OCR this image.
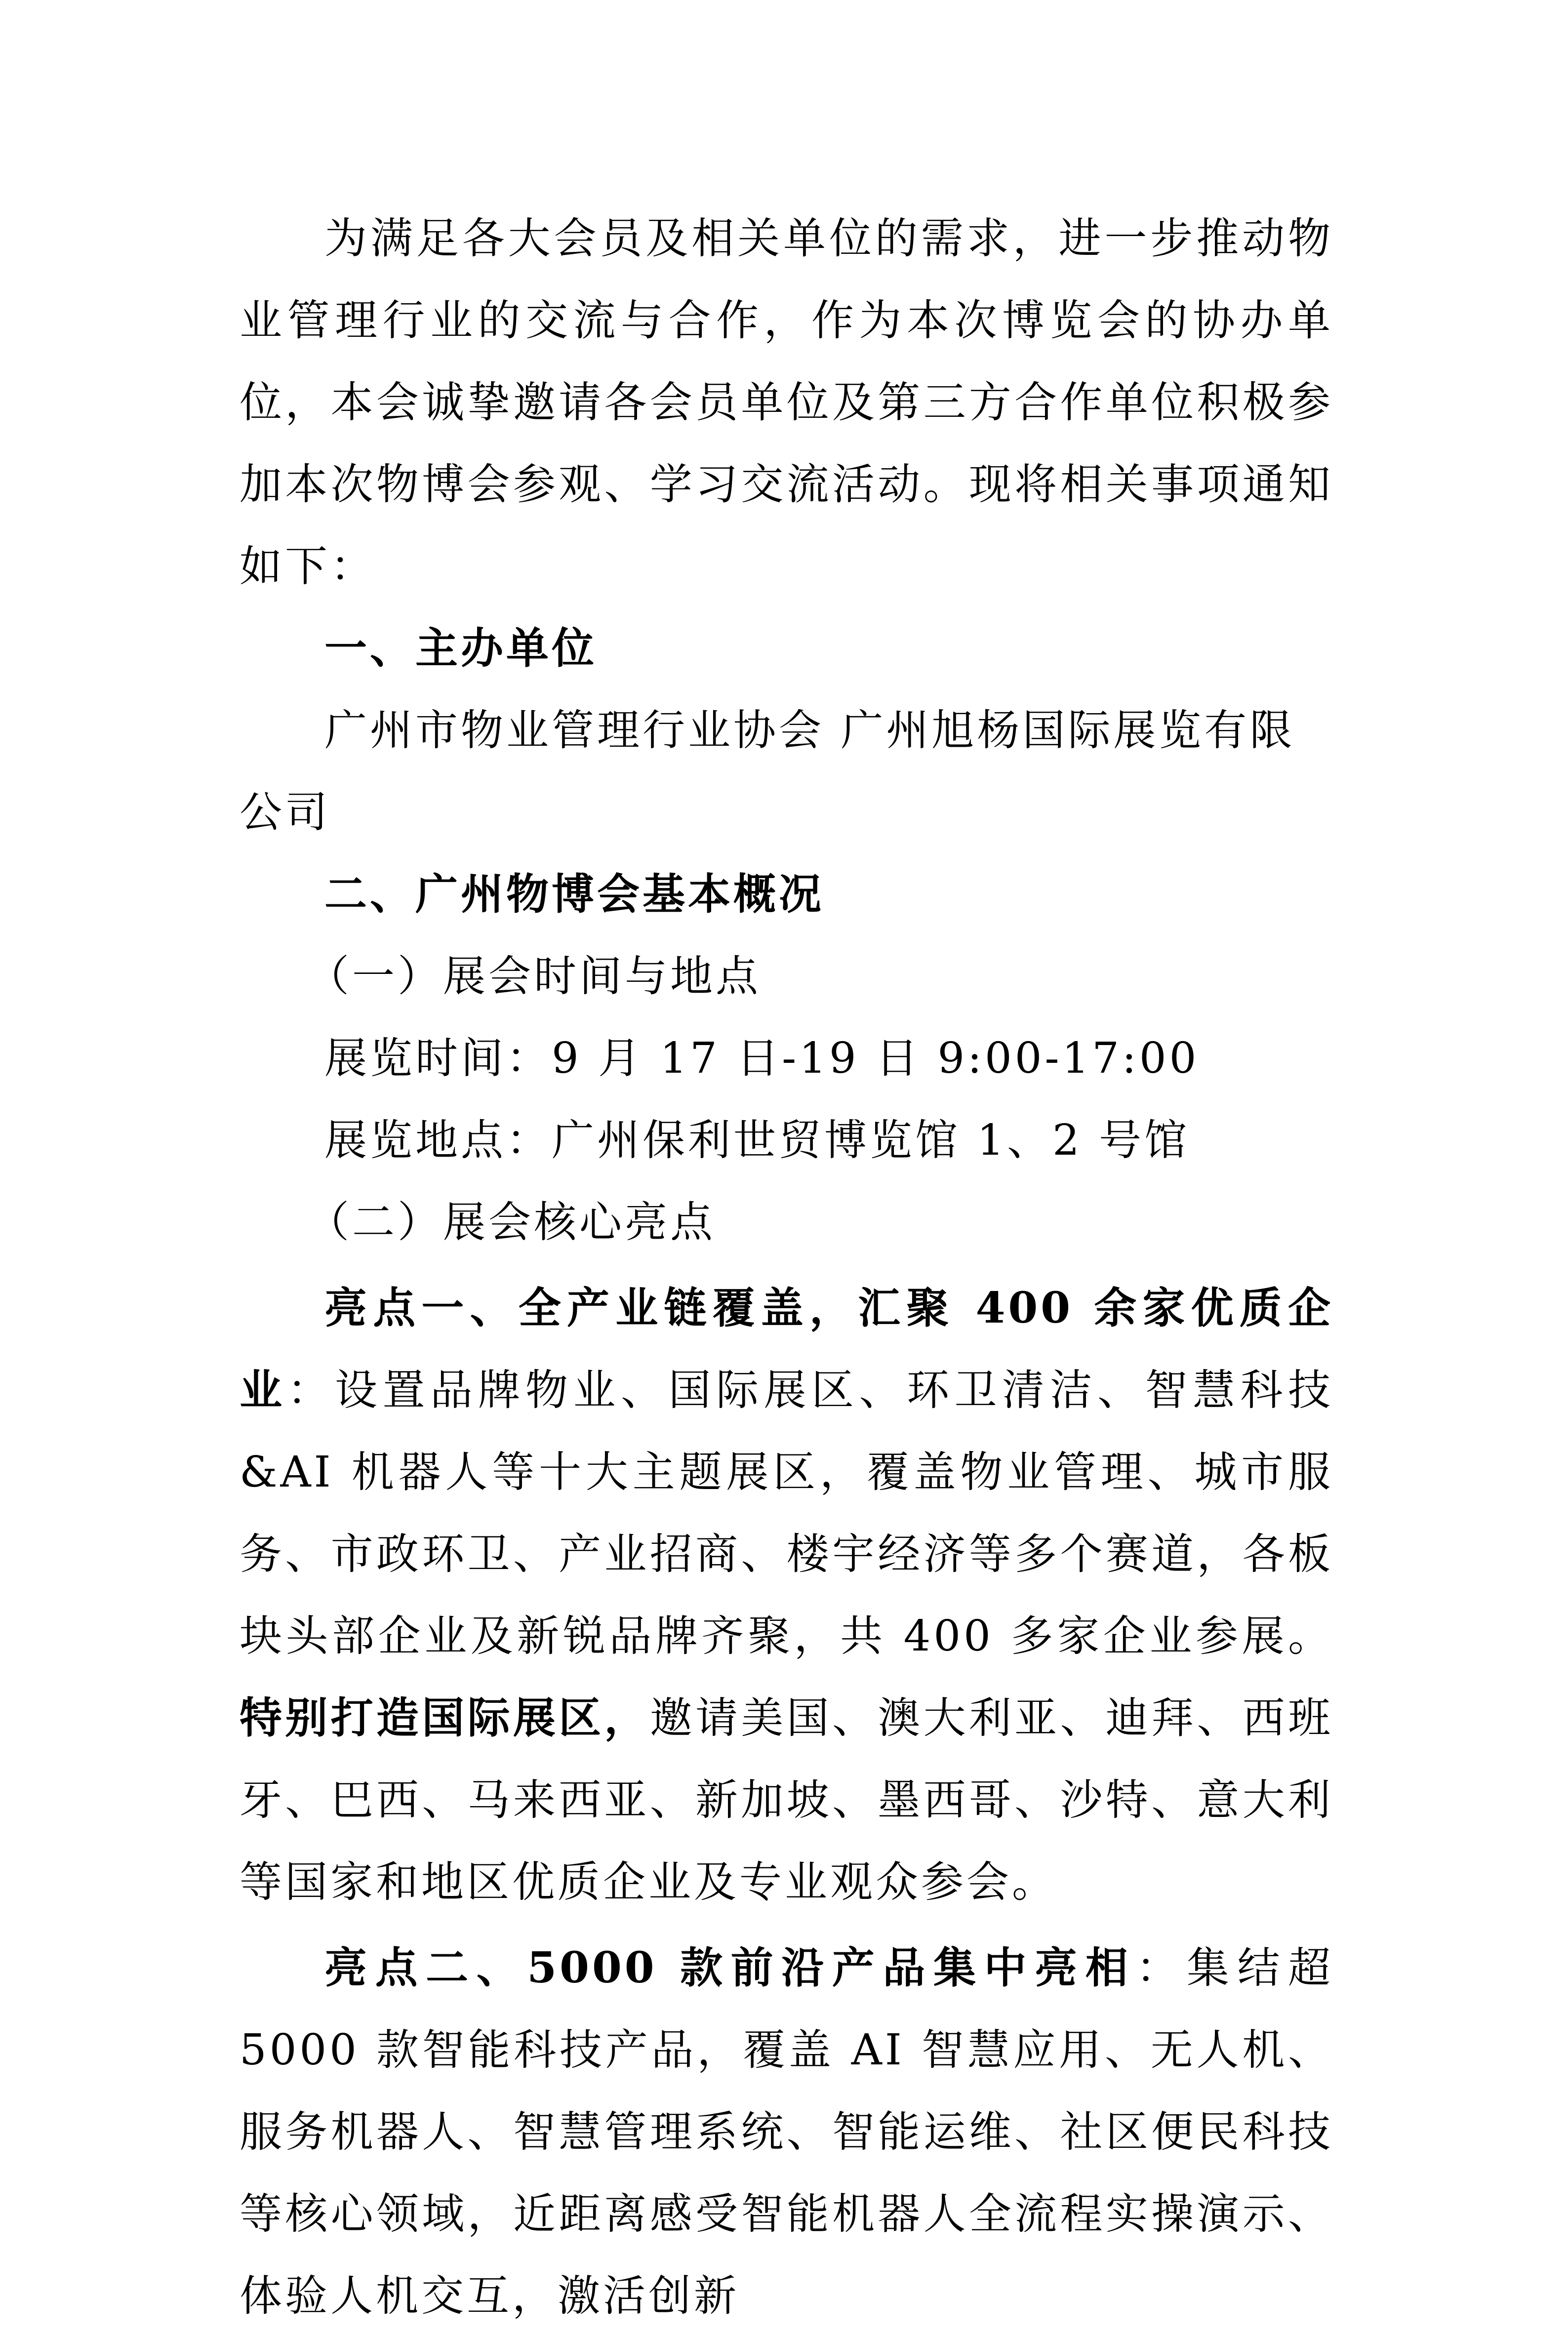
为满足各大会员及相关单位的需求，进一步推动物业管理行业的交流与合作，作为本次博览会的协办单位，本会诚挚邀请各会员单位及第三方合作单位积极参加本次物博会参观、学习交流活动。现将相关事项通知如下：

一、主办单位

广州市物业管理行业协会 广州旭杨国际展览有限公司

二、广州物博会基本概况

（一）展会时间与地点

展览时间：9 月 17 日-19 日 9:00-17:00

展览地点：广州保利世贸博览馆 1、2 号馆

（二）展会核心亮点

亮点一、全产业链覆盖，汇聚 400 余家优质企业：设置品牌物业、国际展区、环卫清洁、智慧科技&AI 机器人等十大主题展区，覆盖物业管理、城市服务、市政环卫、产业招商、楼宇经济等多个赛道，各板块头部企业及新锐品牌齐聚，共 400 多家企业参展。特别打造国际展区，邀请美国、澳大利亚、迪拜、西班牙、巴西、马来西亚、新加坡、墨西哥、沙特、意大利等国家和地区优质企业及专业观众参会。

亮点二、5000 款前沿产品集中亮相：集结超 5000 款智能科技产品，覆盖 AI 智慧应用、无人机、服务机器人、智慧管理系统、智能运维、社区便民科技等核心领域，近距离感受智能机器人全流程实操演示、体验人机交互，激活创新
